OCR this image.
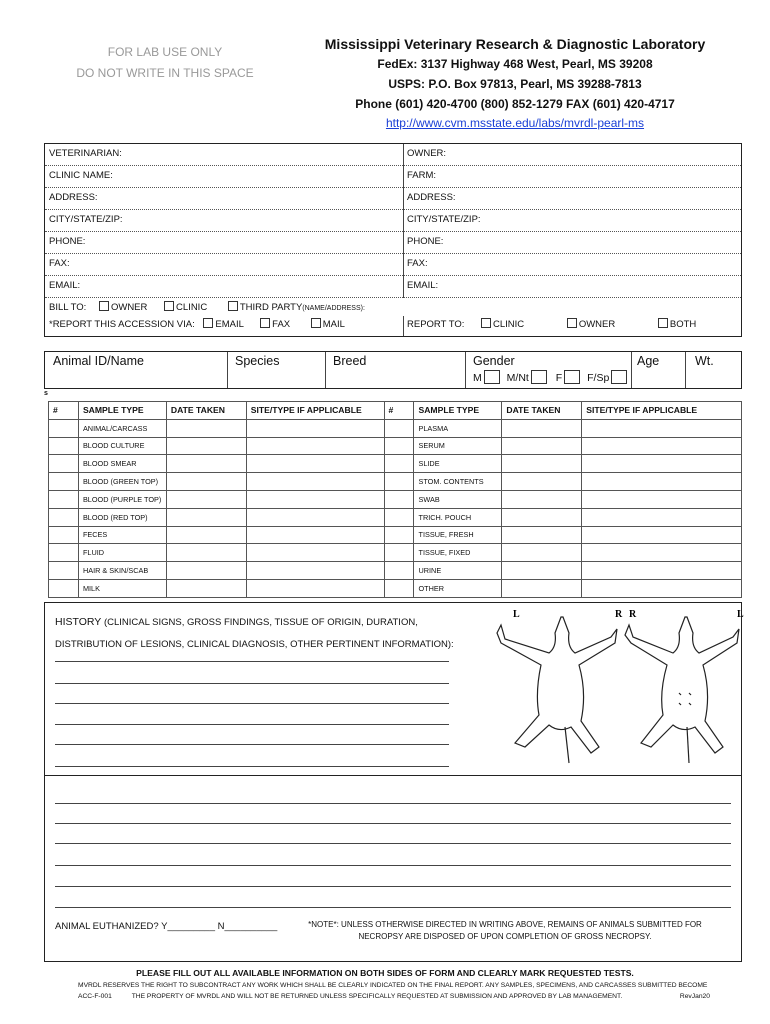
FOR LAB USE ONLY
DO NOT WRITE IN THIS SPACE
Mississippi Veterinary Research & Diagnostic Laboratory
FedEx: 3137 Highway 468 West, Pearl, MS 39208
USPS: P.O. Box 97813, Pearl, MS 39288-7813
Phone (601) 420-4700 (800) 852-1279 FAX (601) 420-4717
http://www.cvm.msstate.edu/labs/mvrdl-pearl-ms
VETERINARIAN:	OWNER:
CLINIC NAME:	FARM:
ADDRESS:	ADDRESS:
CITY/STATE/ZIP:	CITY/STATE/ZIP:
PHONE:	PHONE:
FAX:	FAX:
EMAIL:	EMAIL:
BILL TO:	OWNER	CLINIC	THIRD PARTY(NAME/ADDRESS):
*REPORT THIS ACCESSION VIA: EMAIL	FAX	MAIL	REPORT TO:	CLINIC	OWNER	BOTH
Animal ID/Name	Species	Breed	Gender
M M/Nt	F F/Sp
Age	Wt.
s
#	SAMPLE TYPE	DATE TAKEN	SITE/TYPE IF APPLICABLE	#	SAMPLE TYPE	DATE TAKEN	SITE/TYPE IF APPLICABLE
	ANIMAL/CARCASS				PLASMA		
	BLOOD CULTURE				SERUM		
	BLOOD SMEAR				SLIDE		
	BLOOD (GREEN TOP)				STOM. CONTENTS		
	BLOOD (PURPLE TOP)				SWAB		
	BLOOD (RED TOP)				TRICH. POUCH		
	FECES				TISSUE, FRESH		
	FLUID				TISSUE, FIXED		
	HAIR & SKIN/SCAB				URINE		
	MILK				OTHER		
HISTORY (CLINICAL SIGNS, GROSS FINDINGS, TISSUE OF ORIGIN, DURATION, DISTRIBUTION OF LESIONS, CLINICAL DIAGNOSIS, OTHER PERTINENT INFORMATION):
L	R R	L
ANIMAL EUTHANIZED? Y_________ N__________	*NOTE*: UNLESS OTHERWISE DIRECTED IN WRITING ABOVE, REMAINS OF ANIMALS SUBMITTED FOR NECROPSY ARE DISPOSED OF UPON COMPLETION OF GROSS NECROPSY.
PLEASE FILL OUT ALL AVAILABLE INFORMATION ON BOTH SIDES OF FORM AND CLEARLY MARK REQUESTED TESTS.
MVRDL RESERVES THE RIGHT TO SUBCONTRACT ANY WORK WHICH SHALL BE CLEARLY INDICATED ON THE FINAL REPORT. ANY SAMPLES, SPECIMENS, AND CARCASSES SUBMITTED BECOME
ACC-F-001	THE PROPERTY OF MVRDL AND WILL NOT BE RETURNED UNLESS SPECIFICALLY REQUESTED AT SUBMISSION AND APPROVED BY LAB MANAGEMENT.	RevJan20
